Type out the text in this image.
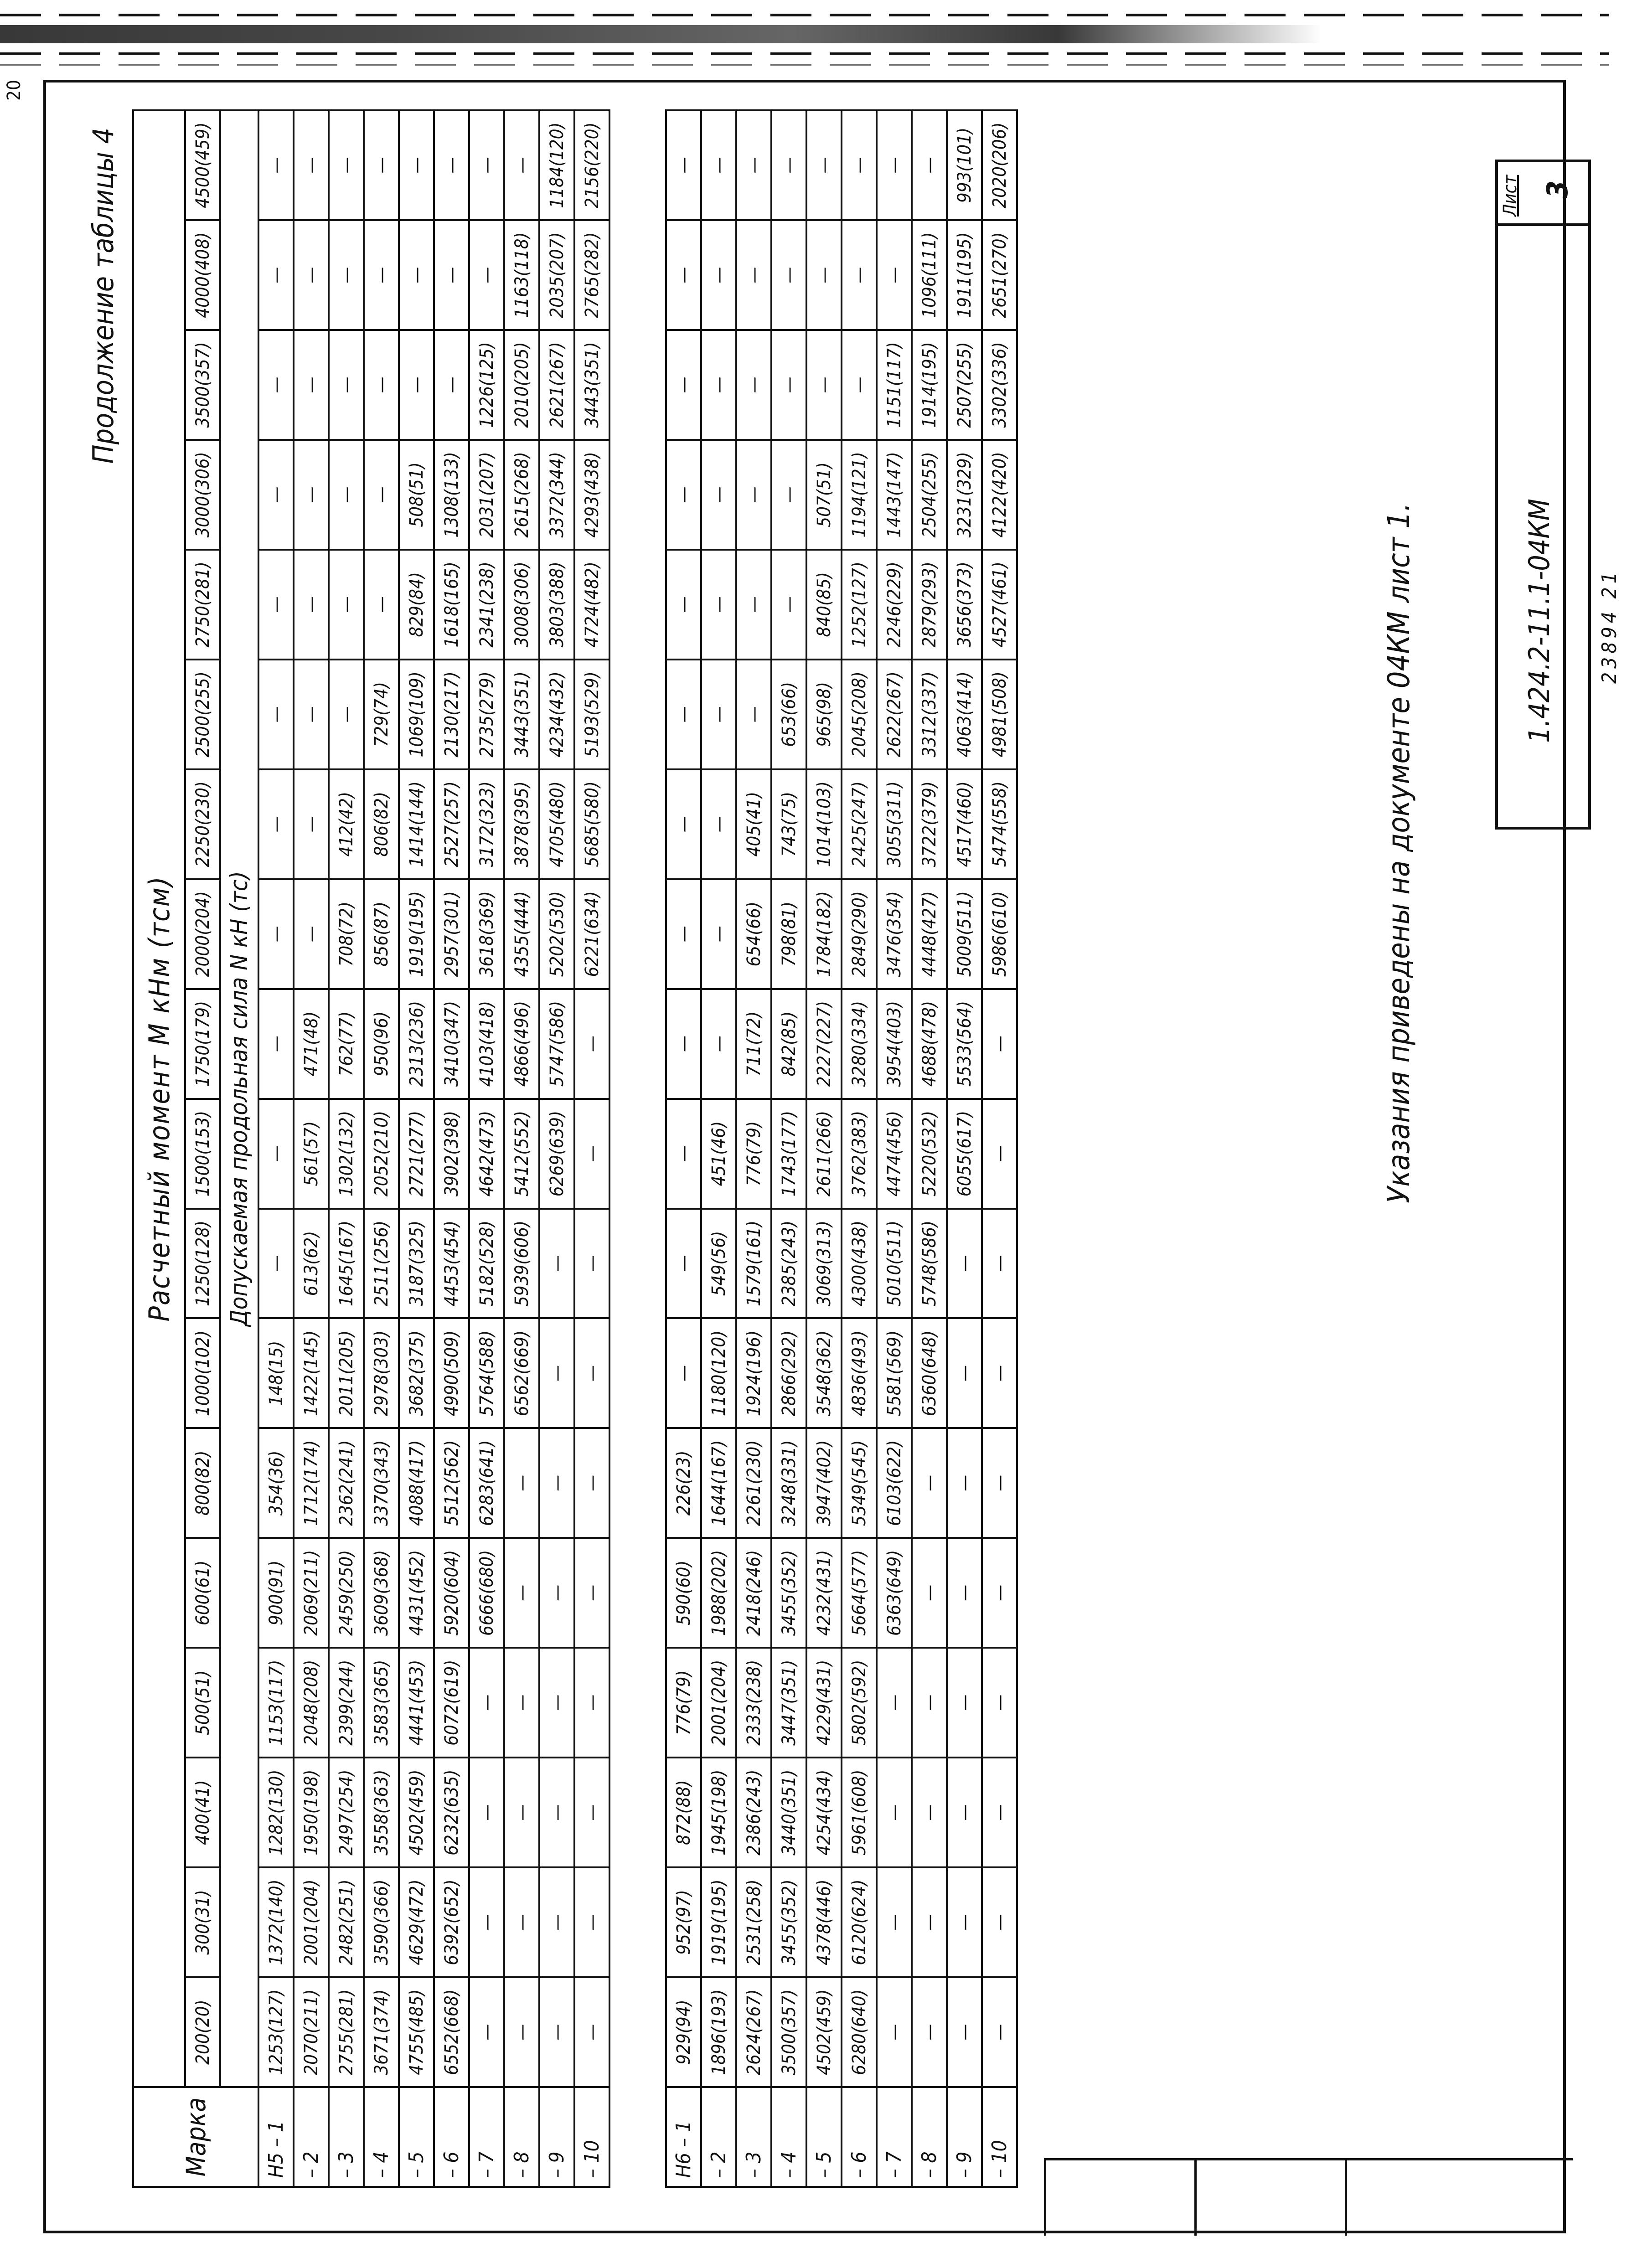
20
Продолжение таблицы 4
Марка	Расчетный момент М кНм (тсм)																	
	200(20)	300(31)	400(41)	500(51)	600(61)	800(82)	1000(102)	1250(128)	1500(153)	1750(179)	2000(204)	2250(230)	2500(255)	2750(281)	3000(306)	3500(357)	4000(408)	4500(459)
	Допускаемая продольная сила N кН (тс)																	
Н5 – 1	1253(127)	1372(140)	1282(130)	1153(117)	900(91)	354(36)	148(15)	—	—	—	—	—	—	—	—	—	—	—
– 2	2070(211)	2001(204)	1950(198)	2048(208)	2069(211)	1712(174)	1422(145)	613(62)	561(57)	471(48)	—	—	—	—	—	—	—	—
– 3	2755(281)	2482(251)	2497(254)	2399(244)	2459(250)	2362(241)	2011(205)	1645(167)	1302(132)	762(77)	708(72)	412(42)	—	—	—	—	—	—
– 4	3671(374)	3590(366)	3558(363)	3583(365)	3609(368)	3370(343)	2978(303)	2511(256)	2052(210)	950(96)	856(87)	806(82)	729(74)	—	—	—	—	—
– 5	4755(485)	4629(472)	4502(459)	4441(453)	4431(452)	4088(417)	3682(375)	3187(325)	2721(277)	2313(236)	1919(195)	1414(144)	1069(109)	829(84)	508(51)	—	—	—
– 6	6552(668)	6392(652)	6232(635)	6072(619)	5920(604)	5512(562)	4990(509)	4453(454)	3902(398)	3410(347)	2957(301)	2527(257)	2130(217)	1618(165)	1308(133)	—	—	—
– 7	—	—	—	—	6666(680)	6283(641)	5764(588)	5182(528)	4642(473)	4103(418)	3618(369)	3172(323)	2735(279)	2341(238)	2031(207)	1226(125)	—	—
– 8	—	—	—	—	—	—	6562(669)	5939(606)	5412(552)	4866(496)	4355(444)	3878(395)	3443(351)	3008(306)	2615(268)	2010(205)	1163(118)	—
– 9	—	—	—	—	—	—	—	—	6269(639)	5747(586)	5202(530)	4705(480)	4234(432)	3803(388)	3372(344)	2621(267)	2035(207)	1184(120)
– 10	—	—	—	—	—	—	—	—	—	—	6221(634)	5685(580)	5193(529)	4724(482)	4293(438)	3443(351)	2765(282)	2156(220)

Н6 – 1	929(94)	952(97)	872(88)	776(79)	590(60)	226(23)	—	—	—	—	—	—	—	—	—	—	—	—
– 2	1896(193)	1919(195)	1945(198)	2001(204)	1988(202)	1644(167)	1180(120)	549(56)	451(46)	—	—	—	—	—	—	—	—	—
– 3	2624(267)	2531(258)	2386(243)	2333(238)	2418(246)	2261(230)	1924(196)	1579(161)	776(79)	711(72)	654(66)	405(41)	—	—	—	—	—	—
– 4	3500(357)	3455(352)	3440(351)	3447(351)	3455(352)	3248(331)	2866(292)	2385(243)	1743(177)	842(85)	798(81)	743(75)	653(66)	—	—	—	—	—
– 5	4502(459)	4378(446)	4254(434)	4229(431)	4232(431)	3947(402)	3548(362)	3069(313)	2611(266)	2227(227)	1784(182)	1014(103)	965(98)	840(85)	507(51)	—	—	—
– 6	6280(640)	6120(624)	5961(608)	5802(592)	5664(577)	5349(545)	4836(493)	4300(438)	3762(383)	3280(334)	2849(290)	2425(247)	2045(208)	1252(127)	1194(121)	—	—	—
– 7	—	—	—	—	6363(649)	6103(622)	5581(569)	5010(511)	4474(456)	3954(403)	3476(354)	3055(311)	2622(267)	2246(229)	1443(147)	1151(117)	—	—
– 8	—	—	—	—	—	—	6360(648)	5748(586)	5220(532)	4688(478)	4448(427)	3722(379)	3312(337)	2879(293)	2504(255)	1914(195)	1096(111)	—
– 9	—	—	—	—	—	—	—	—	6055(617)	5533(564)	5009(511)	4517(460)	4063(414)	3656(373)	3231(329)	2507(255)	1911(195)	993(101)
– 10	—	—	—	—	—	—	—	—	—	—	5986(610)	5474(558)	4981(508)	4527(461)	4122(420)	3302(336)	2651(270)	2020(206)
Указания приведены на документе 04КМ лист 1.	1.424.2-11.1-04КМ
Лист 3
23894 21
